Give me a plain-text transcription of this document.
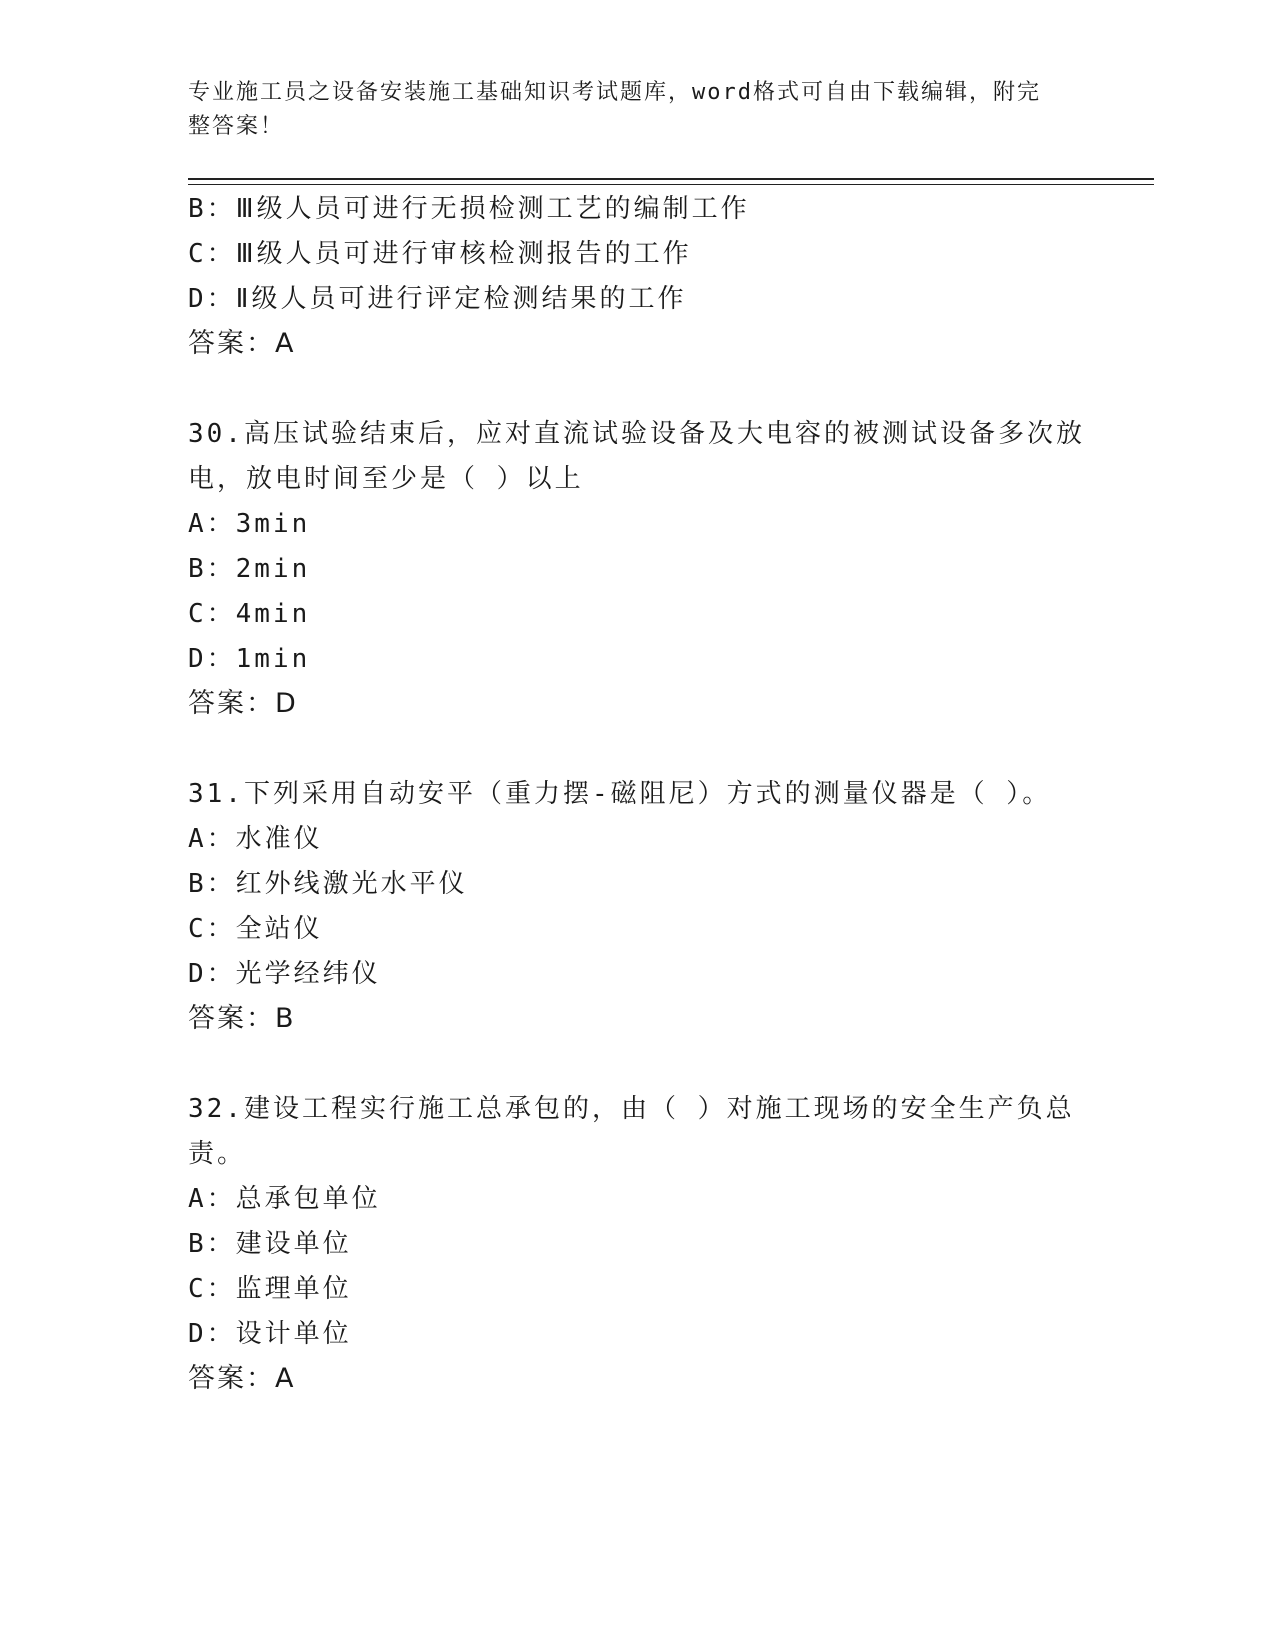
专业施工员之设备安装施工基础知识考试题库，word格式可自由下载编辑，附完
整答案！
B：Ⅲ级人员可进行无损检测工艺的编制工作
C：Ⅲ级人员可进行审核检测报告的工作
D：Ⅱ级人员可进行评定检测结果的工作
答案：A
30.高压试验结束后，应对直流试验设备及大电容的被测试设备多次放
电，放电时间至少是（ ）以上
A：3min
B：2min
C：4min
D：1min
答案：D
31.下列采用自动安平（重力摆-磁阻尼）方式的测量仪器是（ ）。
A：水准仪
B：红外线激光水平仪
C：全站仪
D：光学经纬仪
答案：B
32.建设工程实行施工总承包的，由（ ）对施工现场的安全生产负总
责。
A：总承包单位
B：建设单位
C：监理单位
D：设计单位
答案：A
